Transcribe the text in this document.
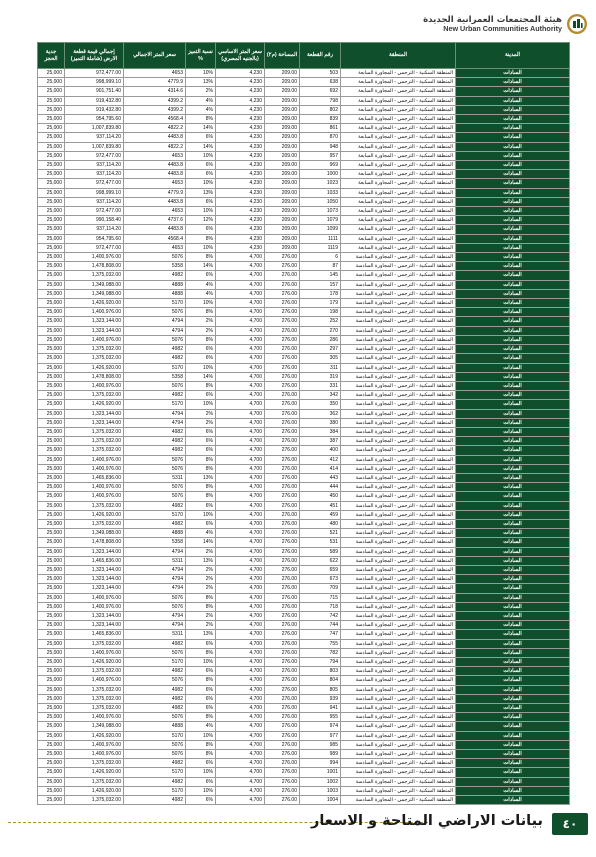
هيئة المجتمعات العمرانية الجديدة
New Urban Communities Authority
جدية الحجز	إجمالي قيمة قطعة الارض (شاملة التميز)	سعر المتر الاجمالي	نسبة التميز %	سعر المتر الاساسي (بالجنيه المصري)	المساحة (م٢)	رقم القطعة	المنطقة	المدينة
25,000	972,477.00	4653	10%	4,230	209.00	503	المنطقة السكنية - الترجمي - المجاورة السابعة	السادات
25,000	998,999.10	4779.9	13%	4,230	209.00	638	المنطقة السكنية - الترجمي - المجاورة السابعة	السادات
25,000	901,751.40	4314.6	2%	4,230	209.00	692	المنطقة السكنية - الترجمي - المجاورة السابعة	السادات
25,000	919,432.80	4399.2	4%	4,230	209.00	798	المنطقة السكنية - الترجمي - المجاورة السابعة	السادات
25,000	919,432.80	4399.2	4%	4,230	209.00	802	المنطقة السكنية - الترجمي - المجاورة السابعة	السادات
25,000	954,795.60	4568.4	8%	4,230	209.00	839	المنطقة السكنية - الترجمي - المجاورة السابعة	السادات
25,000	1,007,839.80	4822.2	14%	4,230	209.00	861	المنطقة السكنية - الترجمي - المجاورة السابعة	السادات
25,000	937,114.20	4483.8	6%	4,230	209.00	870	المنطقة السكنية - الترجمي - المجاورة السابعة	السادات
25,000	1,007,839.80	4822.2	14%	4,230	209.00	948	المنطقة السكنية - الترجمي - المجاورة السابعة	السادات
25,000	972,477.00	4653	10%	4,230	209.00	957	المنطقة السكنية - الترجمي - المجاورة السابعة	السادات
25,000	937,114.20	4483.8	6%	4,230	209.00	969	المنطقة السكنية - الترجمي - المجاورة السابعة	السادات
25,000	937,114.20	4483.8	6%	4,230	209.00	1000	المنطقة السكنية - الترجمي - المجاورة السابعة	السادات
25,000	972,477.00	4653	10%	4,230	209.00	1023	المنطقة السكنية - الترجمي - المجاورة السابعة	السادات
25,000	998,999.10	4779.9	13%	4,230	209.00	1033	المنطقة السكنية - الترجمي - المجاورة السابعة	السادات
25,000	937,114.20	4483.8	6%	4,230	209.00	1050	المنطقة السكنية - الترجمي - المجاورة السابعة	السادات
25,000	972,477.00	4653	10%	4,230	209.00	1073	المنطقة السكنية - الترجمي - المجاورة السابعة	السادات
25,000	990,158.40	4737.6	12%	4,230	209.00	1079	المنطقة السكنية - الترجمي - المجاورة السابعة	السادات
25,000	937,114.20	4483.8	6%	4,230	209.00	1099	المنطقة السكنية - الترجمي - المجاورة السابعة	السادات
25,000	954,795.60	4568.4	8%	4,230	209.00	1111	المنطقة السكنية - الترجمي - المجاورة السابعة	السادات
25,000	972,477.00	4653	10%	4,230	209.00	1119	المنطقة السكنية - الترجمي - المجاورة السابعة	السادات
25,000	1,400,976.00	5076	8%	4,700	276.00	6	المنطقة السكنية - الترجمي - المجاورة السادسة	السادات
25,000	1,478,808.00	5358	14%	4,700	276.00	87	المنطقة السكنية - الترجمي - المجاورة السادسة	السادات
25,000	1,375,032.00	4982	6%	4,700	276.00	145	المنطقة السكنية - الترجمي - المجاورة السادسة	السادات
25,000	1,349,088.00	4888	4%	4,700	276.00	157	المنطقة السكنية - الترجمي - المجاورة السادسة	السادات
25,000	1,349,088.00	4888	4%	4,700	276.00	178	المنطقة السكنية - الترجمي - المجاورة السادسة	السادات
25,000	1,426,920.00	5170	10%	4,700	276.00	179	المنطقة السكنية - الترجمي - المجاورة السادسة	السادات
25,000	1,400,976.00	5076	8%	4,700	276.00	198	المنطقة السكنية - الترجمي - المجاورة السادسة	السادات
25,000	1,323,144.00	4794	2%	4,700	276.00	252	المنطقة السكنية - الترجمي - المجاورة السادسة	السادات
25,000	1,323,144.00	4794	2%	4,700	276.00	270	المنطقة السكنية - الترجمي - المجاورة السادسة	السادات
25,000	1,400,976.00	5076	8%	4,700	276.00	286	المنطقة السكنية - الترجمي - المجاورة السادسة	السادات
25,000	1,375,032.00	4982	6%	4,700	276.00	297	المنطقة السكنية - الترجمي - المجاورة السادسة	السادات
25,000	1,375,032.00	4982	6%	4,700	276.00	305	المنطقة السكنية - الترجمي - المجاورة السادسة	السادات
25,000	1,426,920.00	5170	10%	4,700	276.00	311	المنطقة السكنية - الترجمي - المجاورة السادسة	السادات
25,000	1,478,808.00	5358	14%	4,700	276.00	319	المنطقة السكنية - الترجمي - المجاورة السادسة	السادات
25,000	1,400,976.00	5076	8%	4,700	276.00	331	المنطقة السكنية - الترجمي - المجاورة السادسة	السادات
25,000	1,375,032.00	4982	6%	4,700	276.00	342	المنطقة السكنية - الترجمي - المجاورة السادسة	السادات
25,000	1,426,920.00	5170	10%	4,700	276.00	350	المنطقة السكنية - الترجمي - المجاورة السادسة	السادات
25,000	1,323,144.00	4794	2%	4,700	276.00	362	المنطقة السكنية - الترجمي - المجاورة السادسة	السادات
25,000	1,323,144.00	4794	2%	4,700	276.00	380	المنطقة السكنية - الترجمي - المجاورة السادسة	السادات
25,000	1,375,032.00	4982	6%	4,700	276.00	384	المنطقة السكنية - الترجمي - المجاورة السادسة	السادات
25,000	1,375,032.00	4982	6%	4,700	276.00	387	المنطقة السكنية - الترجمي - المجاورة السادسة	السادات
25,000	1,375,032.00	4982	6%	4,700	276.00	400	المنطقة السكنية - الترجمي - المجاورة السادسة	السادات
25,000	1,400,976.00	5076	8%	4,700	276.00	412	المنطقة السكنية - الترجمي - المجاورة السادسة	السادات
25,000	1,400,976.00	5076	8%	4,700	276.00	414	المنطقة السكنية - الترجمي - المجاورة السادسة	السادات
25,000	1,465,836.00	5311	13%	4,700	276.00	443	المنطقة السكنية - الترجمي - المجاورة السادسة	السادات
25,000	1,400,976.00	5076	8%	4,700	276.00	444	المنطقة السكنية - الترجمي - المجاورة السادسة	السادات
25,000	1,400,976.00	5076	8%	4,700	276.00	450	المنطقة السكنية - الترجمي - المجاورة السادسة	السادات
25,000	1,375,032.00	4982	6%	4,700	276.00	451	المنطقة السكنية - الترجمي - المجاورة السادسة	السادات
25,000	1,426,920.00	5170	10%	4,700	276.00	459	المنطقة السكنية - الترجمي - المجاورة السادسة	السادات
25,000	1,375,032.00	4982	6%	4,700	276.00	480	المنطقة السكنية - الترجمي - المجاورة السادسة	السادات
25,000	1,349,088.00	4888	4%	4,700	276.00	521	المنطقة السكنية - الترجمي - المجاورة السادسة	السادات
25,000	1,478,808.00	5358	14%	4,700	276.00	531	المنطقة السكنية - الترجمي - المجاورة السادسة	السادات
25,000	1,323,144.00	4794	2%	4,700	276.00	589	المنطقة السكنية - الترجمي - المجاورة السادسة	السادات
25,000	1,465,836.00	5311	13%	4,700	276.00	622	المنطقة السكنية - الترجمي - المجاورة السادسة	السادات
25,000	1,323,144.00	4794	2%	4,700	276.00	659	المنطقة السكنية - الترجمي - المجاورة السادسة	السادات
25,000	1,323,144.00	4794	2%	4,700	276.00	673	المنطقة السكنية - الترجمي - المجاورة السادسة	السادات
25,000	1,323,144.00	4794	2%	4,700	276.00	709	المنطقة السكنية - الترجمي - المجاورة السادسة	السادات
25,000	1,400,976.00	5076	8%	4,700	276.00	715	المنطقة السكنية - الترجمي - المجاورة السادسة	السادات
25,000	1,400,976.00	5076	8%	4,700	276.00	718	المنطقة السكنية - الترجمي - المجاورة السادسة	السادات
25,000	1,323,144.00	4794	2%	4,700	276.00	742	المنطقة السكنية - الترجمي - المجاورة السادسة	السادات
25,000	1,323,144.00	4794	2%	4,700	276.00	744	المنطقة السكنية - الترجمي - المجاورة السادسة	السادات
25,000	1,465,836.00	5311	13%	4,700	276.00	747	المنطقة السكنية - الترجمي - المجاورة السادسة	السادات
25,000	1,375,032.00	4982	6%	4,700	276.00	755	المنطقة السكنية - الترجمي - المجاورة السادسة	السادات
25,000	1,400,976.00	5076	8%	4,700	276.00	782	المنطقة السكنية - الترجمي - المجاورة السادسة	السادات
25,000	1,426,920.00	5170	10%	4,700	276.00	794	المنطقة السكنية - الترجمي - المجاورة السادسة	السادات
25,000	1,375,032.00	4982	6%	4,700	276.00	803	المنطقة السكنية - الترجمي - المجاورة السادسة	السادات
25,000	1,400,976.00	5076	8%	4,700	276.00	804	المنطقة السكنية - الترجمي - المجاورة السادسة	السادات
25,000	1,375,032.00	4982	6%	4,700	276.00	805	المنطقة السكنية - الترجمي - المجاورة السادسة	السادات
25,000	1,375,032.00	4982	6%	4,700	276.00	939	المنطقة السكنية - الترجمي - المجاورة السادسة	السادات
25,000	1,375,032.00	4982	6%	4,700	276.00	941	المنطقة السكنية - الترجمي - المجاورة السادسة	السادات
25,000	1,400,976.00	5076	8%	4,700	276.00	955	المنطقة السكنية - الترجمي - المجاورة السادسة	السادات
25,000	1,349,088.00	4888	4%	4,700	276.00	974	المنطقة السكنية - الترجمي - المجاورة السادسة	السادات
25,000	1,426,920.00	5170	10%	4,700	276.00	977	المنطقة السكنية - الترجمي - المجاورة السادسة	السادات
25,000	1,400,976.00	5076	8%	4,700	276.00	985	المنطقة السكنية - الترجمي - المجاورة السادسة	السادات
25,000	1,400,976.00	5076	8%	4,700	276.00	989	المنطقة السكنية - الترجمي - المجاورة السادسة	السادات
25,000	1,375,032.00	4982	6%	4,700	276.00	994	المنطقة السكنية - الترجمي - المجاورة السادسة	السادات
25,000	1,426,920.00	5170	10%	4,700	276.00	1001	المنطقة السكنية - الترجمي - المجاورة السادسة	السادات
25,000	1,375,032.00	4982	6%	4,700	276.00	1002	المنطقة السكنية - الترجمي - المجاورة السادسة	السادات
25,000	1,426,920.00	5170	10%	4,700	276.00	1003	المنطقة السكنية - الترجمي - المجاورة السادسة	السادات
25,000	1,375,032.00	4982	6%	4,700	276.00	1004	المنطقة السكنية - الترجمي - المجاورة السادسة	السادات
بيانات الاراضي المتاحة و الاسعار	٤٠
